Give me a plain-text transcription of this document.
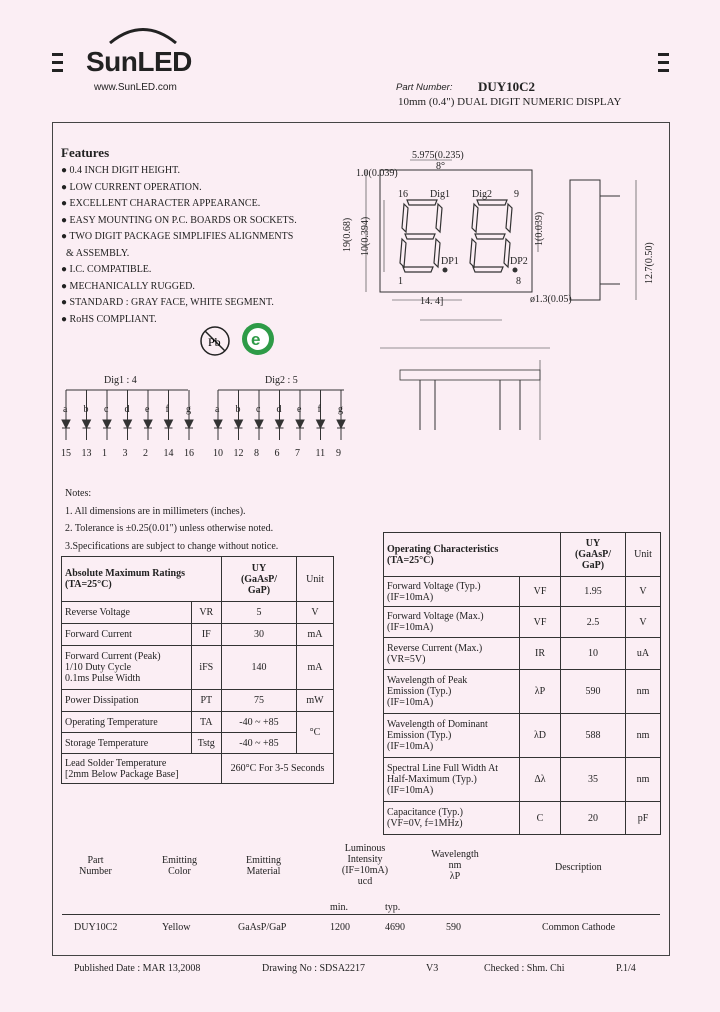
SunLED
www.SunLED.com	Part Number: DUY10C2
10mm (0.4") DUAL DIGIT NUMERIC DISPLAY
Features
● 0.4 INCH DIGIT HEIGHT.
● LOW CURRENT OPERATION.
● EXCELLENT CHARACTER APPEARANCE.
● EASY MOUNTING ON P.C. BOARDS OR SOCKETS.
● TWO DIGIT PACKAGE SIMPLIFIES ALIGNMENTS
& ASSEMBLY.
● I.C. COMPATIBLE.
● MECHANICALLY RUGGED.
● STANDARD : GRAY FACE, WHITE SEGMENT.
● RoHS COMPLIANT.
Pb e
5.975(0.235)
8°
1.0(0.039)
16 Dig1 Dig2 9
DP1	DP2
1	8
14. 4]	ø1.3(0.05)
19(0.68) 10(0.394)	1(0.039)
12.7(0.50)
Dig1 : 4	Dig2 : 5
a
15
b
13
c
1
d
3
e
2
f
14
g
16
a
10
b
12
c
8
d
6
e
7
f
11
g
9
Notes:
1. All dimensions are in millimeters (inches).
2. Tolerance is ±0.25(0.01") unless otherwise noted.
3.Specifications are subject to change without notice.
Absolute Maximum Ratings
(TA=25°C)		UY
(GaAsP/
GaP)	Unit
Reverse Voltage	VR	5	V
Forward Current	IF	30	mA
Forward Current (Peak)
1/10 Duty Cycle
0.1ms Pulse Width	iFS	140	mA
Power Dissipation	PT	75	mW
Operating Temperature	TA	-40 ~ +85	°C
Storage Temperature	Tstg	-40 ~ +85	
Lead Solder Temperature
[2mm Below Package Base]		260°C For 3-5 Seconds	
Operating Characteristics
(TA=25°C)		UY
(GaAsP/
GaP)	Unit
Forward Voltage (Typ.)
(IF=10mA)	VF	1.95	V
Forward Voltage (Max.)
(IF=10mA)	VF	2.5	V
Reverse Current (Max.)
(VR=5V)	IR	10	uA
Wavelength of Peak
Emission (Typ.)
(IF=10mA)	λP	590	nm
Wavelength of Dominant
Emission (Typ.)
(IF=10mA)	λD	588	nm
Spectral Line Full Width At
Half-Maximum (Typ.)
(IF=10mA)	Δλ	35	nm
Capacitance (Typ.)
(VF=0V, f=1MHz)	C	20	pF
Part
Number
Emitting
Color
Emitting
Material
Luminous
Intensity
(IF=10mA)
ucd
Wavelength
nm
λP
Description
min.	typ.
DUY10C2	Yellow	GaAsP/GaP	1200	4690	590	Common Cathode
Published Date : MAR 13,2008	Drawing No : SDSA2217	V3	Checked : Shm. Chi	P.1/4
